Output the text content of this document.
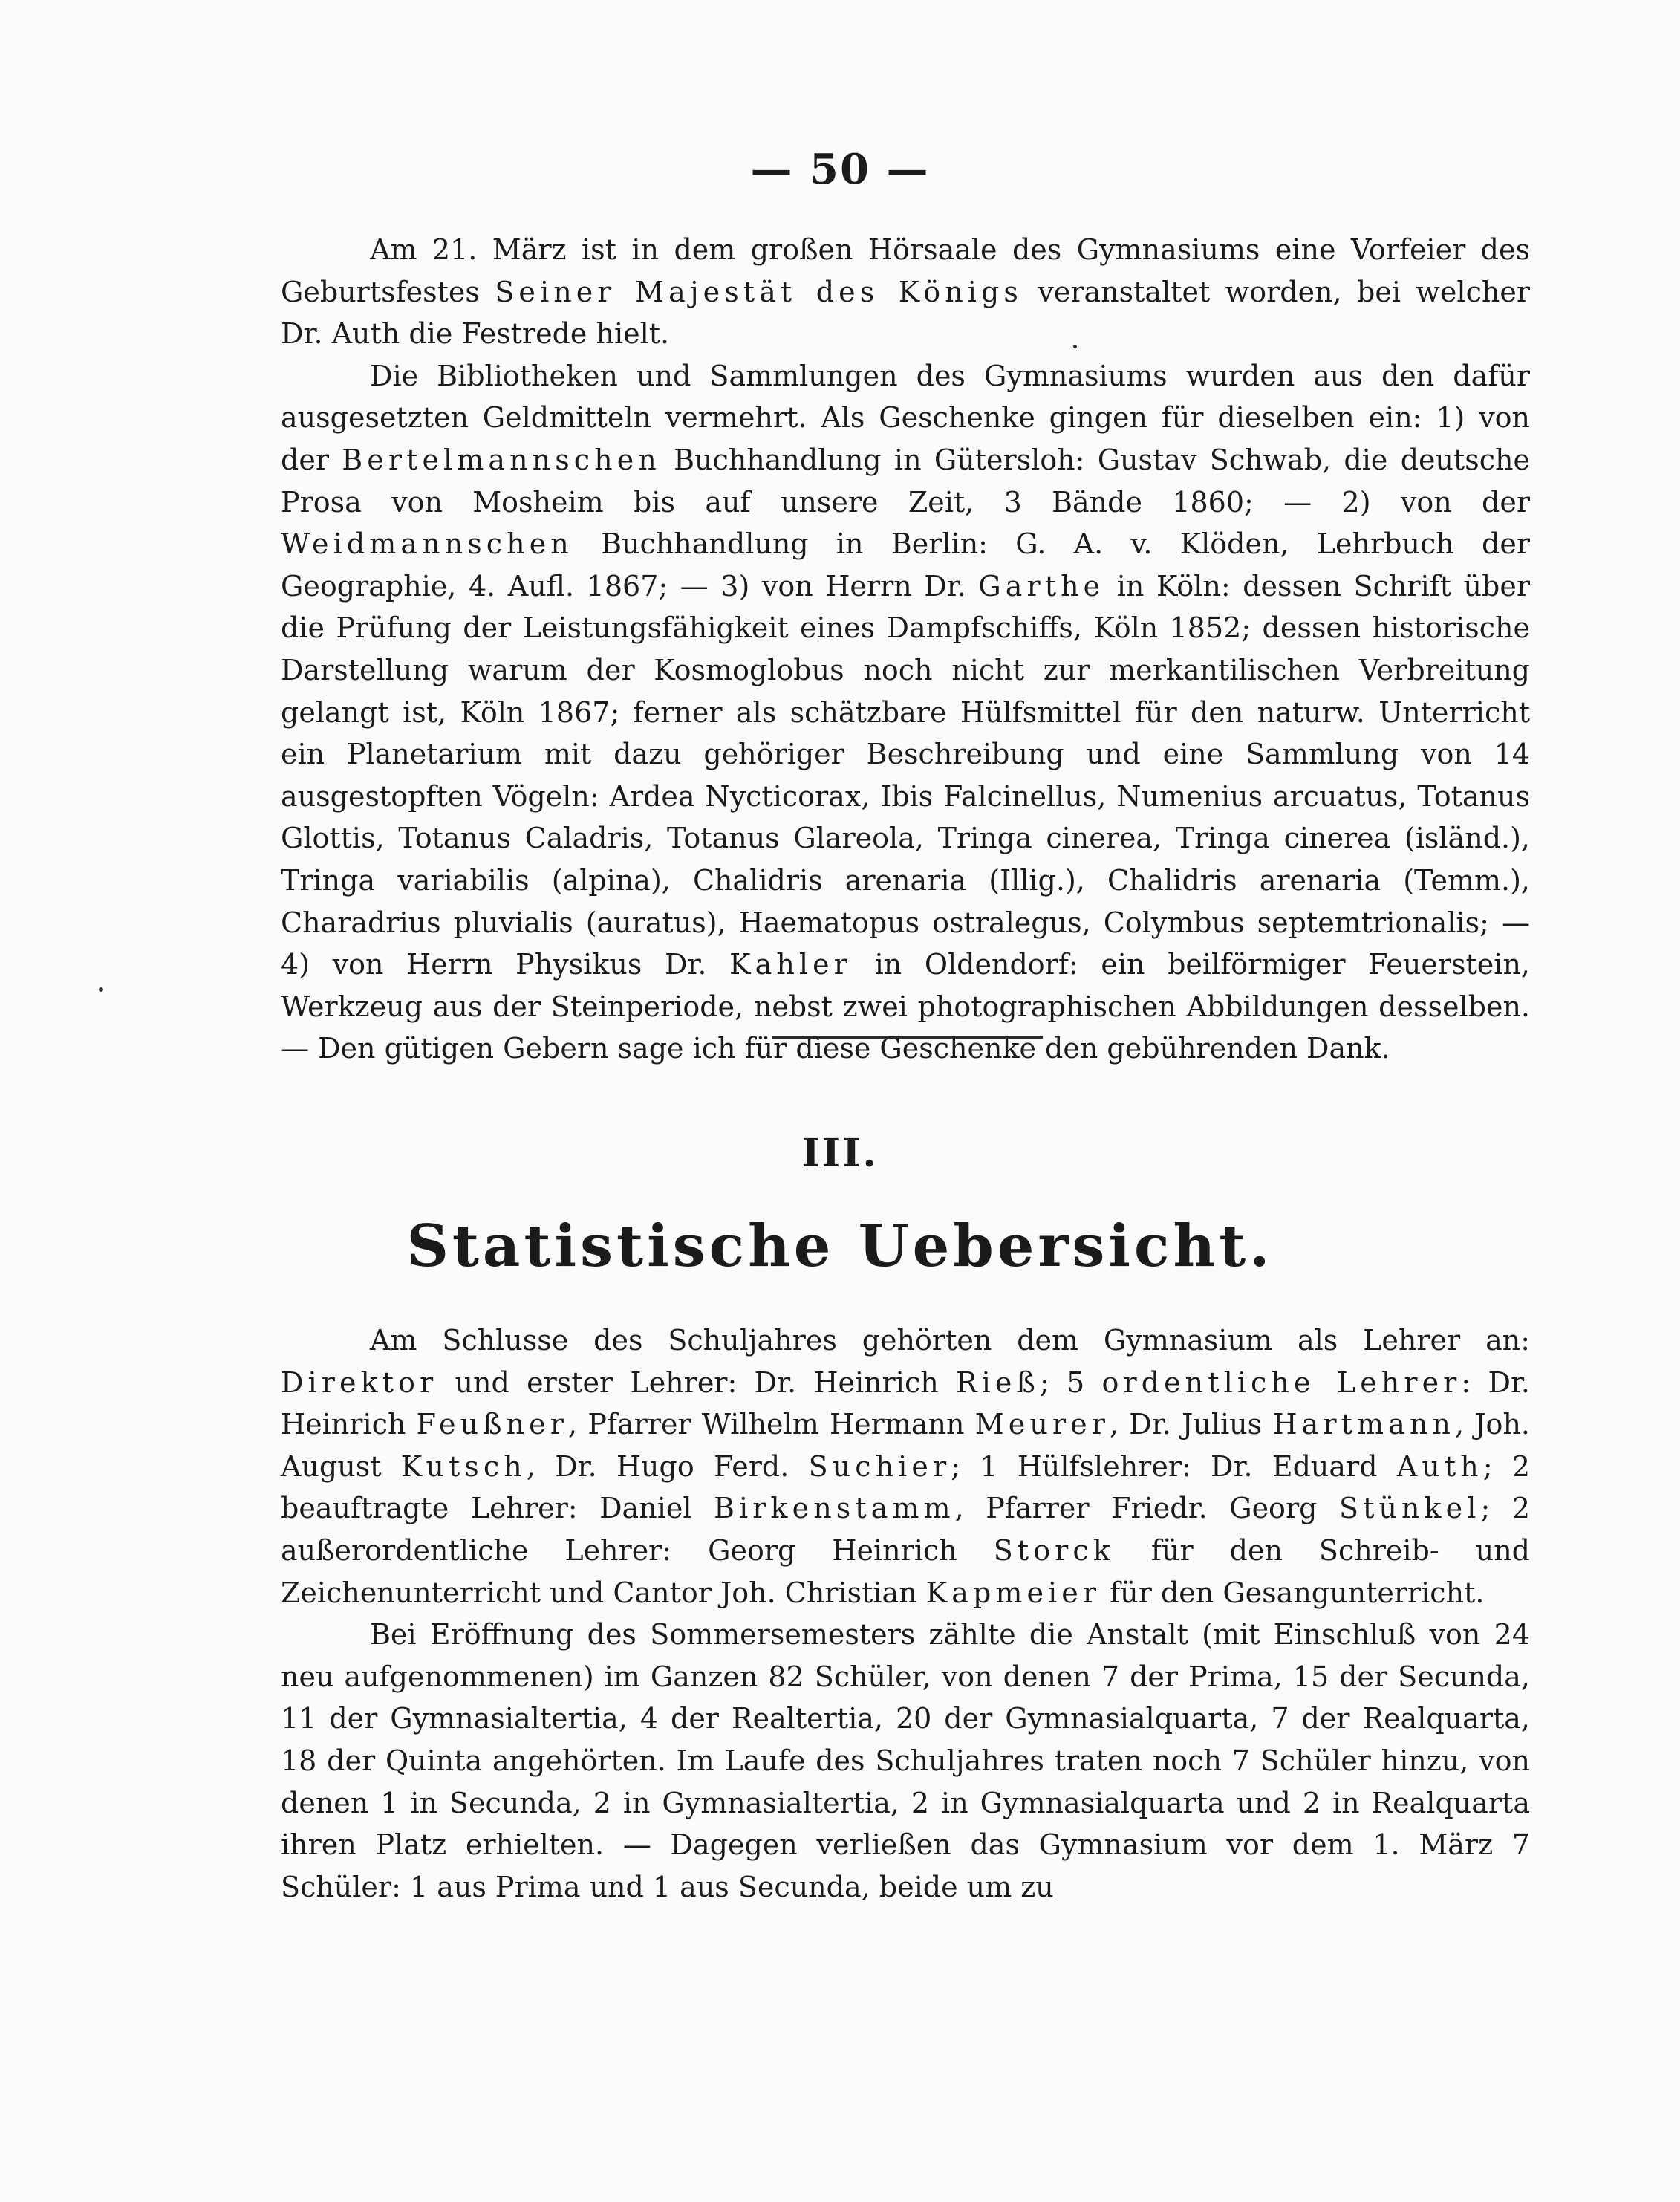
— 50 —

Am 21. März ist in dem großen Hörsaale des Gymnasiums eine Vorfeier des Geburtsfestes Seiner Majestät des Königs veranstaltet worden, bei welcher Dr. Auth die Festrede hielt.

Die Bibliotheken und Sammlungen des Gymnasiums wurden aus den dafür ausgesetzten Geldmitteln vermehrt. Als Geschenke gingen für dieselben ein: 1) von der Bertelmannschen Buchhandlung in Gütersloh: Gustav Schwab, die deutsche Prosa von Mosheim bis auf unsere Zeit, 3 Bände 1860; — 2) von der Weidmannschen Buchhandlung in Berlin: G. A. v. Klöden, Lehrbuch der Geographie, 4. Aufl. 1867; — 3) von Herrn Dr. Garthe in Köln: dessen Schrift über die Prüfung der Leistungsfähigkeit eines Dampfschiffs, Köln 1852; dessen historische Darstellung warum der Kosmoglobus noch nicht zur merkantilischen Verbreitung gelangt ist, Köln 1867; ferner als schätzbare Hülfsmittel für den naturw. Unterricht ein Planetarium mit dazu gehöriger Beschreibung und eine Sammlung von 14 ausgestopften Vögeln: Ardea Nycticorax, Ibis Falcinellus, Numenius arcuatus, Totanus Glottis, Totanus Caladris, Totanus Glareola, Tringa cinerea, Tringa cinerea (isländ.), Tringa variabilis (alpina), Chalidris arenaria (Illig.), Chalidris arenaria (Temm.), Charadrius pluvialis (auratus), Haematopus ostralegus, Colymbus septemtrionalis; — 4) von Herrn Physikus Dr. Kahler in Oldendorf: ein beilförmiger Feuerstein, Werkzeug aus der Steinperiode, nebst zwei photographischen Abbildungen desselben. — Den gütigen Gebern sage ich für diese Geschenke den gebührenden Dank.

III.
Statistische Uebersicht.

Am Schlusse des Schuljahres gehörten dem Gymnasium als Lehrer an: Direktor und erster Lehrer: Dr. Heinrich Rieß; 5 ordentliche Lehrer: Dr. Heinrich Feußner, Pfarrer Wilhelm Hermann Meurer, Dr. Julius Hartmann, Joh. August Kutsch, Dr. Hugo Ferd. Suchier; 1 Hülfslehrer: Dr. Eduard Auth; 2 beauftragte Lehrer: Daniel Birkenstamm, Pfarrer Friedr. Georg Stünkel; 2 außerordentliche Lehrer: Georg Heinrich Storck für den Schreib- und Zeichenunterricht und Cantor Joh. Christian Kapmeier für den Gesangunterricht.

Bei Eröffnung des Sommersemesters zählte die Anstalt (mit Einschluß von 24 neu aufgenommenen) im Ganzen 82 Schüler, von denen 7 der Prima, 15 der Secunda, 11 der Gymnasialtertia, 4 der Realtertia, 20 der Gymnasialquarta, 7 der Realquarta, 18 der Quinta angehörten. Im Laufe des Schuljahres traten noch 7 Schüler hinzu, von denen 1 in Secunda, 2 in Gymnasialtertia, 2 in Gymnasialquarta und 2 in Realquarta ihren Platz erhielten. — Dagegen verließen das Gymnasium vor dem 1. März 7 Schüler: 1 aus Prima und 1 aus Secunda, beide um zu
